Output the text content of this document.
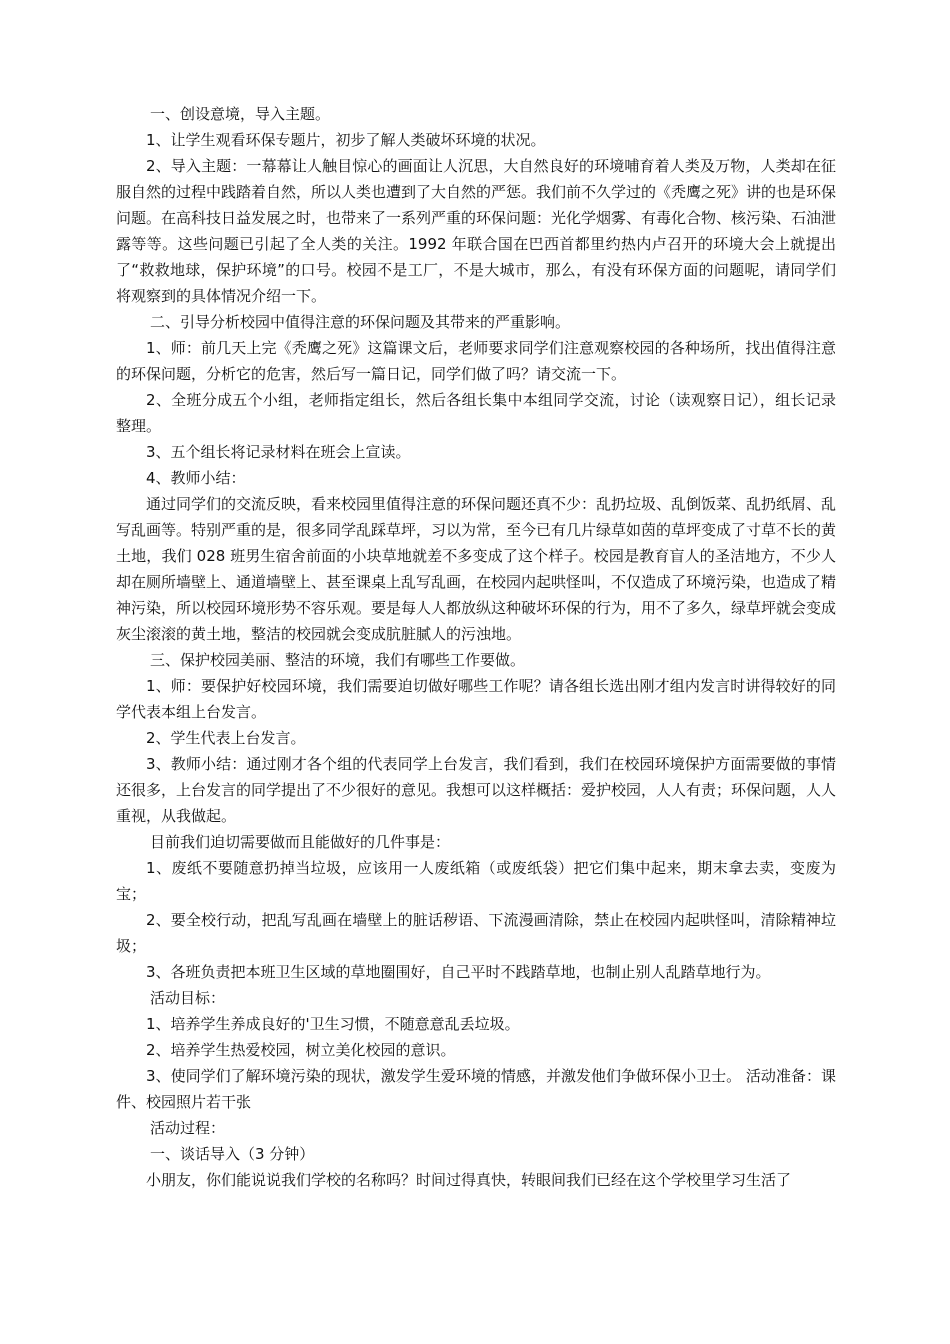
一、创设意境，导入主题。

1、让学生观看环保专题片，初步了解人类破坏环境的状况。

2、导入主题：一幕幕让人触目惊心的画面让人沉思，大自然良好的环境哺育着人类及万物，人类却在征服自然的过程中践踏着自然，所以人类也遭到了大自然的严惩。我们前不久学过的《秃鹰之死》讲的也是环保问题。在高科技日益发展之时，也带来了一系列严重的环保问题：光化学烟雾、有毒化合物、核污染、石油泄露等等。这些问题已引起了全人类的关注。1992 年联合国在巴西首都里约热内卢召开的环境大会上就提出了“救救地球，保护环境”的口号。校园不是工厂，不是大城市，那么，有没有环保方面的问题呢，请同学们将观察到的具体情况介绍一下。

二、引导分析校园中值得注意的环保问题及其带来的严重影响。

1、师：前几天上完《秃鹰之死》这篇课文后，老师要求同学们注意观察校园的各种场所，找出值得注意的环保问题，分析它的危害，然后写一篇日记，同学们做了吗？请交流一下。

2、全班分成五个小组，老师指定组长，然后各组长集中本组同学交流，讨论（读观察日记），组长记录整理。

3、五个组长将记录材料在班会上宣读。

4、教师小结：

通过同学们的交流反映，看来校园里值得注意的环保问题还真不少：乱扔垃圾、乱倒饭菜、乱扔纸屑、乱写乱画等。特别严重的是，很多同学乱踩草坪，习以为常，至今已有几片绿草如茵的草坪变成了寸草不长的黄土地，我们 028 班男生宿舍前面的小块草地就差不多变成了这个样子。校园是教育盲人的圣洁地方，不少人却在厕所墙壁上、通道墙壁上、甚至课桌上乱写乱画，在校园内起哄怪叫，不仅造成了环境污染，也造成了精神污染，所以校园环境形势不容乐观。要是每人人都放纵这种破坏环保的行为，用不了多久，绿草坪就会变成灰尘滚滚的黄土地，整洁的校园就会变成肮脏腻人的污浊地。

三、保护校园美丽、整洁的环境，我们有哪些工作要做。

1、师：要保护好校园环境，我们需要迫切做好哪些工作呢？请各组长选出刚才组内发言时讲得较好的同学代表本组上台发言。

2、学生代表上台发言。

3、教师小结：通过刚才各个组的代表同学上台发言，我们看到，我们在校园环境保护方面需要做的事情还很多，上台发言的同学提出了不少很好的意见。我想可以这样概括：爱护校园，人人有责；环保问题，人人重视，从我做起。

目前我们迫切需要做而且能做好的几件事是：

1、废纸不要随意扔掉当垃圾，应该用一人废纸箱（或废纸袋）把它们集中起来，期末拿去卖，变废为宝；

2、要全校行动，把乱写乱画在墙壁上的脏话秽语、下流漫画清除，禁止在校园内起哄怪叫，清除精神垃圾；

3、各班负责把本班卫生区域的草地圈围好，自己平时不践踏草地，也制止别人乱踏草地行为。

活动目标：

1、培养学生养成良好的'卫生习惯，不随意意乱丢垃圾。

2、培养学生热爱校园，树立美化校园的意识。

3、使同学们了解环境污染的现状，激发学生爱环境的情感，并激发他们争做环保小卫士。 活动准备：课件、校园照片若干张

活动过程：

一、谈话导入（3 分钟）

小朋友，你们能说说我们学校的名称吗？时间过得真快，转眼间我们已经在这个学校里学习生活了
